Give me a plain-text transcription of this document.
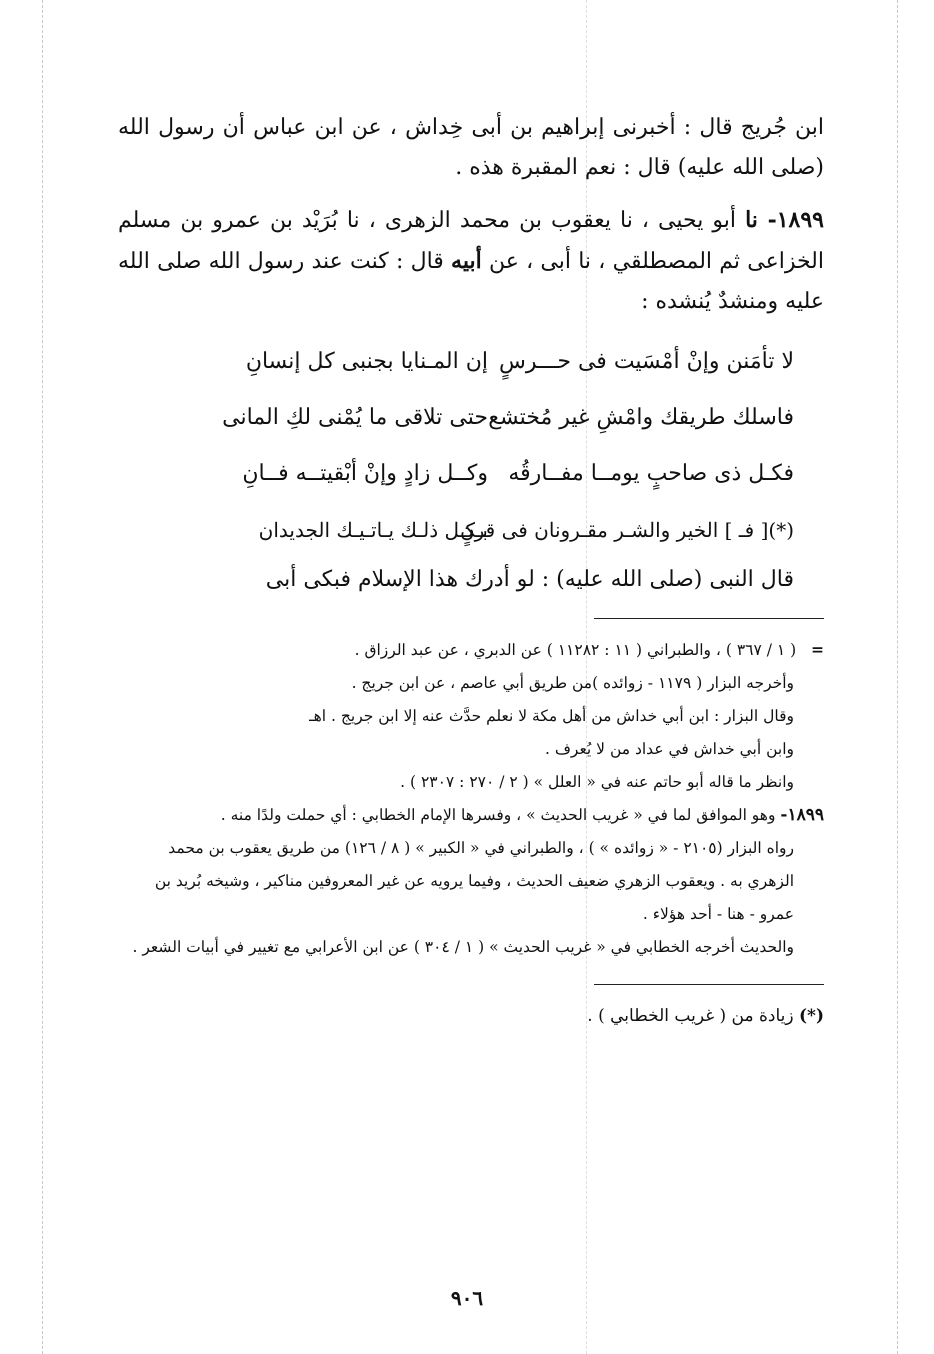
ابن جُريج قال : أخبرنى إبراهيم بن أبى خِداش ، عن ابن عباس أن رسول الله (صلى الله عليه) قال : نعم المقبرة هذه .

١٨٩٩- نا أبو يحيى ، نا يعقوب بن محمد الزهرى ، نا بُرَيْد بن عمرو بن مسلم الخزاعى ثم المصطلقي ، نا أبى ، عن أبيه قال : كنت عند رسول الله صلى الله عليه ومنشدٌ يُنشده :

لا تأمَنن وإنْ أمْسَيت فى حـــرسٍ
إن المـنايا بجنبى كل إنسانِ
فاسلك طريقك وامْشِ غير مُختشع
حتى تلاقى ما يُمْنى لكِ المانى
فكـل ذى صاحبٍ يومــا مفــارقُه
وكــل زادٍ وإنْ أبْقيتــه فــانِ
(*)[ فـ ] الخير والشـر مقـرونان فى قرنٍ
بـكـل ذلـك يـاتـيـك الجديدان

قال النبى (صلى الله عليه) : لو أدرك هذا الإسلام فبكى أبى

=   ( ١ / ٣٦٧ ) ، والطبراني ( ١١ : ١١٢٨٢ ) عن الدبري ، عن عبد الرزاق .
وأخرجه البزار ( ١١٧٩ - زوائده )من طريق أبي عاصم ، عن ابن جريج .
وقال البزار : ابن أبي خداش من أهل مكة لا نعلم حدَّث عنه إلا ابن جريج . اهـ
وابن أبي خداش في عداد من لا يُعرف .
وانظر ما قاله أبو حاتم عنه في « العلل » ( ٢ / ٢٧٠ : ٢٣٠٧ ) .
١٨٩٩- وهو الموافق لما في « غريب الحديث » ، وفسرها الإمام الخطابي : أي حملت ولدًا منه .
رواه البزار (٢١٠٥ - « زوائده » ) ، والطبراني في « الكبير » ( ٨ / ١٢٦) من طريق يعقوب بن محمد الزهري به . ويعقوب الزهري ضعيف الحديث ، وفيما يرويه عن غير المعروفين مناكير ، وشيخه بُريد بن عمرو - هنا - أحد هؤلاء .
والحديث أخرجه الخطابي في « غريب الحديث » ( ١ / ٣٠٤ ) عن ابن الأعرابي مع تغيير في أبيات الشعر .
(*) زيادة من ( غريب الخطابي ) .
٩٠٦
